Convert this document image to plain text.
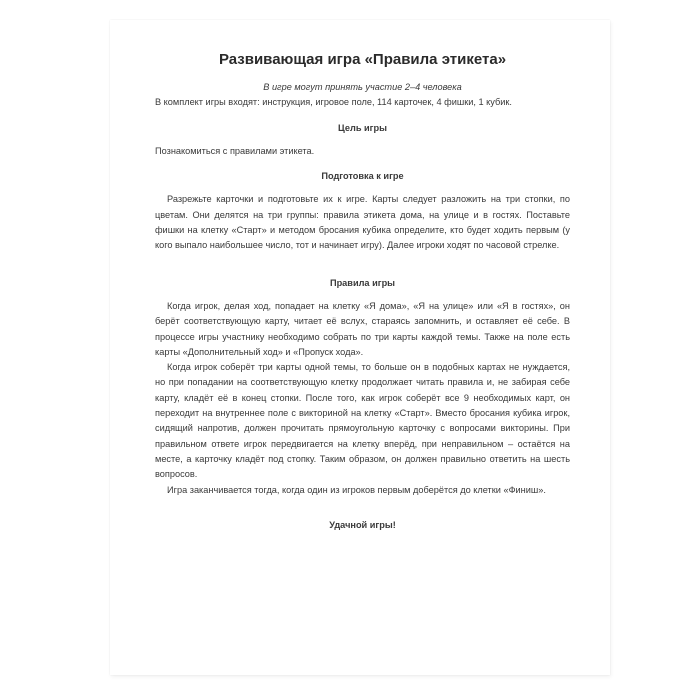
Развивающая игра «Правила этикета»

В игре могут принять участие 2–4 человека

В комплект игры входят: инструкция, игровое поле, 114 карточек, 4 фишки, 1 кубик.

Цель игры

Познакомиться с правилами этикета.

Подготовка к игре

Разрежьте карточки и подготовьте их к игре. Карты следует разложить на три стопки, по цветам. Они делятся на три группы: правила этикета дома, на улице и в гостях. Поставьте фишки на клетку «Старт» и методом бросания кубика определите, кто будет ходить первым (у кого выпало наибольшее число, тот и начинает игру). Далее игроки ходят по часовой стрелке.

Правила игры

Когда игрок, делая ход, попадает на клетку «Я дома», «Я на улице» или «Я в гостях», он берёт соответствующую карту, читает её вслух, стараясь запомнить, и оставляет её себе. В процессе игры участнику необходимо собрать по три карты каждой темы. Также на поле есть карты «Дополнительный ход» и «Пропуск хода».

Когда игрок соберёт три карты одной темы, то больше он в подобных картах не нуждается, но при попадании на соответствующую клетку продолжает читать правила и, не забирая себе карту, кладёт её в конец стопки. После того, как игрок соберёт все 9 необходимых карт, он переходит на внутреннее поле с викториной на клетку «Старт». Вместо бросания кубика игрок, сидящий напротив, должен прочитать прямоугольную карточку с вопросами викторины. При правильном ответе игрок передвигается на клетку вперёд, при неправильном – остаётся на месте, а карточку кладёт под стопку. Таким образом, он должен правильно ответить на шесть вопросов.

Игра заканчивается тогда, когда один из игроков первым доберётся до клетки «Финиш».

Удачной игры!
